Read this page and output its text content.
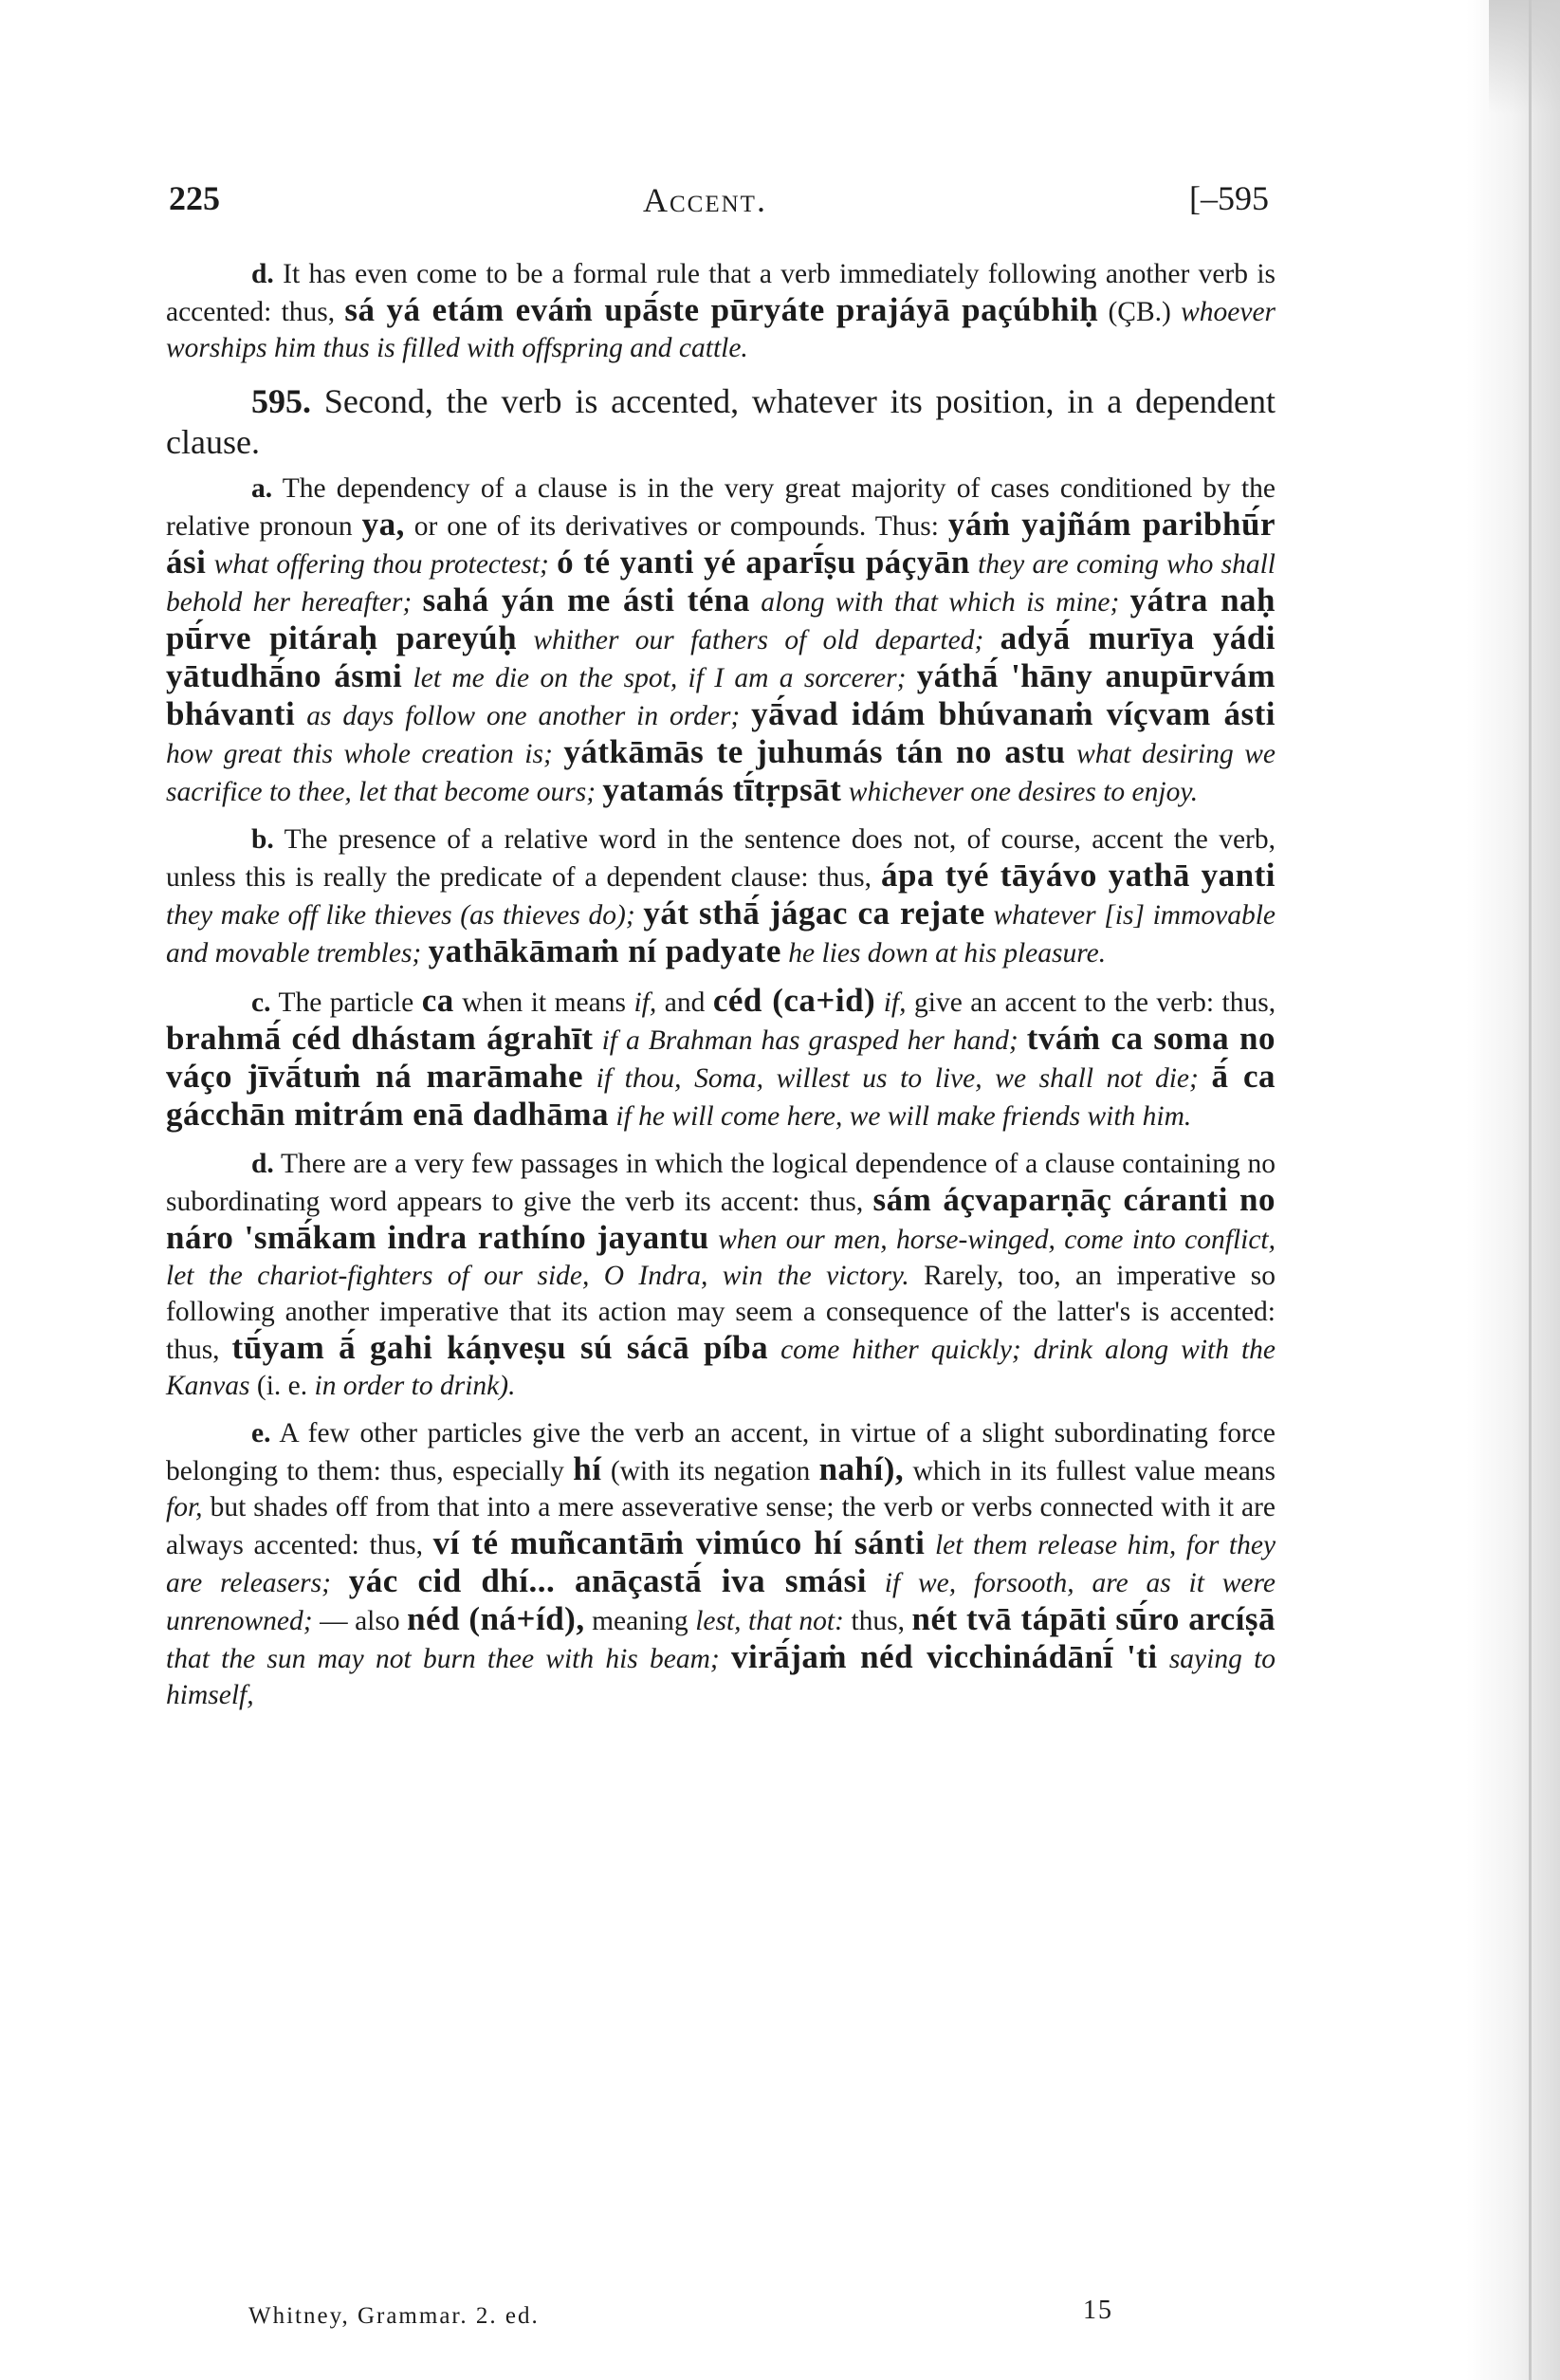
225	Accent.	[–595

d. It has even come to be a formal rule that a verb immediately following another verb is accented: thus, sá yá etám eváṁ upā́ste pūryáte prajáyā paçúbhiḥ (ÇB.) whoever worships him thus is filled with offspring and cattle.

595. Second, the verb is accented, whatever its position, in a dependent clause.

a. The dependency of a clause is in the very great majority of cases conditioned by the relative pronoun ya, or one of its derivatives or compounds. Thus: yáṁ yajñám paribhū́r ási what offering thou protectest; ó té yanti yé aparī́ṣu páçyān they are coming who shall behold her hereafter; sahá yán me ásti téna along with that which is mine; yátra naḥ pū́rve pitáraḥ pareyúḥ whither our fathers of old departed; adyā́ murīya yádi yātudhā́no ásmi let me die on the spot, if I am a sorcerer; yáthā́ 'hāny anupūrvám bhávanti as days follow one another in order; yā́vad idám bhúvanaṁ víçvam ásti how great this whole creation is; yátkāmās te juhumás tán no astu what desiring we sacrifice to thee, let that become ours; yatamás tī́tṛpsāt whichever one desires to enjoy.

b. The presence of a relative word in the sentence does not, of course, accent the verb, unless this is really the predicate of a dependent clause: thus, ápa tyé tāyávo yathā yanti they make off like thieves (as thieves do); yát sthā́ jágac ca rejate whatever [is] immovable and movable trembles; yathākāmaṁ ní padyate he lies down at his pleasure.

c. The particle ca when it means if, and céd (ca+id) if, give an accent to the verb: thus, brahmā́ céd dhástam ágrahīt if a Brahman has grasped her hand; tváṁ ca soma no váço jīvā́tuṁ ná marāmahe if thou, Soma, willest us to live, we shall not die; ā́ ca gácchān mitrám enā dadhāma if he will come here, we will make friends with him.

d. There are a very few passages in which the logical dependence of a clause containing no subordinating word appears to give the verb its accent: thus, sám áçvaparṇāç cáranti no náro 'smā́kam indra rathíno jayantu when our men, horse-winged, come into conflict, let the chariot-fighters of our side, O Indra, win the victory. Rarely, too, an imperative so following another imperative that its action may seem a consequence of the latter's is accented: thus, tū́yam ā́ gahi káṇveṣu sú sácā píba come hither quickly; drink along with the Kanvas (i. e. in order to drink).

e. A few other particles give the verb an accent, in virtue of a slight subordinating force belonging to them: thus, especially hí (with its negation nahí), which in its fullest value means for, but shades off from that into a mere asseverative sense; the verb or verbs connected with it are always accented: thus, ví té muñcantāṁ vimúco hí sánti let them release him, for they are releasers; yác cid dhí... anāçastā́ iva smási if we, forsooth, are as it were unrenowned; — also néd (ná+íd), meaning lest, that not: thus, nét tvā tápāti sū́ro arcíṣā that the sun may not burn thee with his beam; virā́jaṁ néd vicchinádānī́ 'ti saying to himself,

Whitney, Grammar. 2. ed.	15
